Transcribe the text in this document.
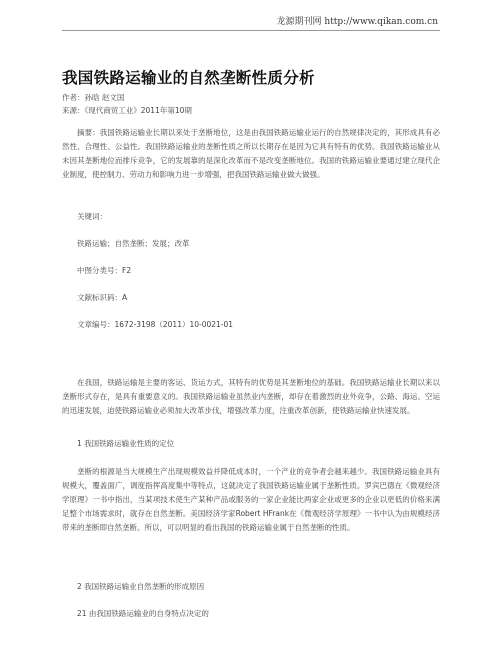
龙源期刊网 http://www.qikan.com.cn
我国铁路运输业的自然垄断性质分析
作者：孙晗 赵文国
来源：《现代商贸工业》2011年第10期

摘要：我国铁路运输业长期以来处于垄断地位，这是由我国铁路运输业运行的自然规律决定的，其形成具有必然性、合理性、公益性。我国铁路运输业的垄断性质之所以长期存在是因为它具有特有的优势。我国铁路运输业从未因其垄断地位而排斥竞争，它的发展靠的是深化改革而不是改变垄断地位。我国的铁路运输业要通过建立现代企业制度，使控制力、劳动力和影响力进一步增强，把我国铁路运输业做大做强。

关键词：
铁路运输；自然垄断；发展；改革
中图分类号：F2
文献标识码：A
文章编号：1672-3198（2011）10-0021-01

在我国，铁路运输是主要的客运、货运方式，其特有的优势是其垄断地位的基础。我国铁路运输业长期以来以垄断形式存在，是具有重要意义的。我国铁路运输业虽然业内垄断，却存在着激烈的业外竞争，公路、海运、空运的迅速发展，迫使铁路运输业必须加大改革步伐，增强改革力度，注重改革创新，使铁路运输业快速发展。

1 我国铁路运输业性质的定位

垄断的根源是当大规模生产出现规模效益并降低成本时，一个产业的竞争者会越来越少。我国铁路运输业具有规模大，覆盖面广，调度指挥高度集中等特点，这就决定了我国铁路运输业属于垄断性质。罗宾巴德在《微观经济学原理》一书中指出，当某项技术使生产某种产品或服务的一家企业能比两家企业或更多的企业以更低的价格来满足整个市场需求时，就存在自然垄断。美国经济学家Robert HFrank在《微观经济学原理》一书中认为由规模经济带来的垄断即自然垄断。所以，可以明显的看出我国的铁路运输业属于自然垄断的性质。

2 我国铁路运输业自然垄断的形成原因
21 由我国铁路运输业的自身特点决定的
